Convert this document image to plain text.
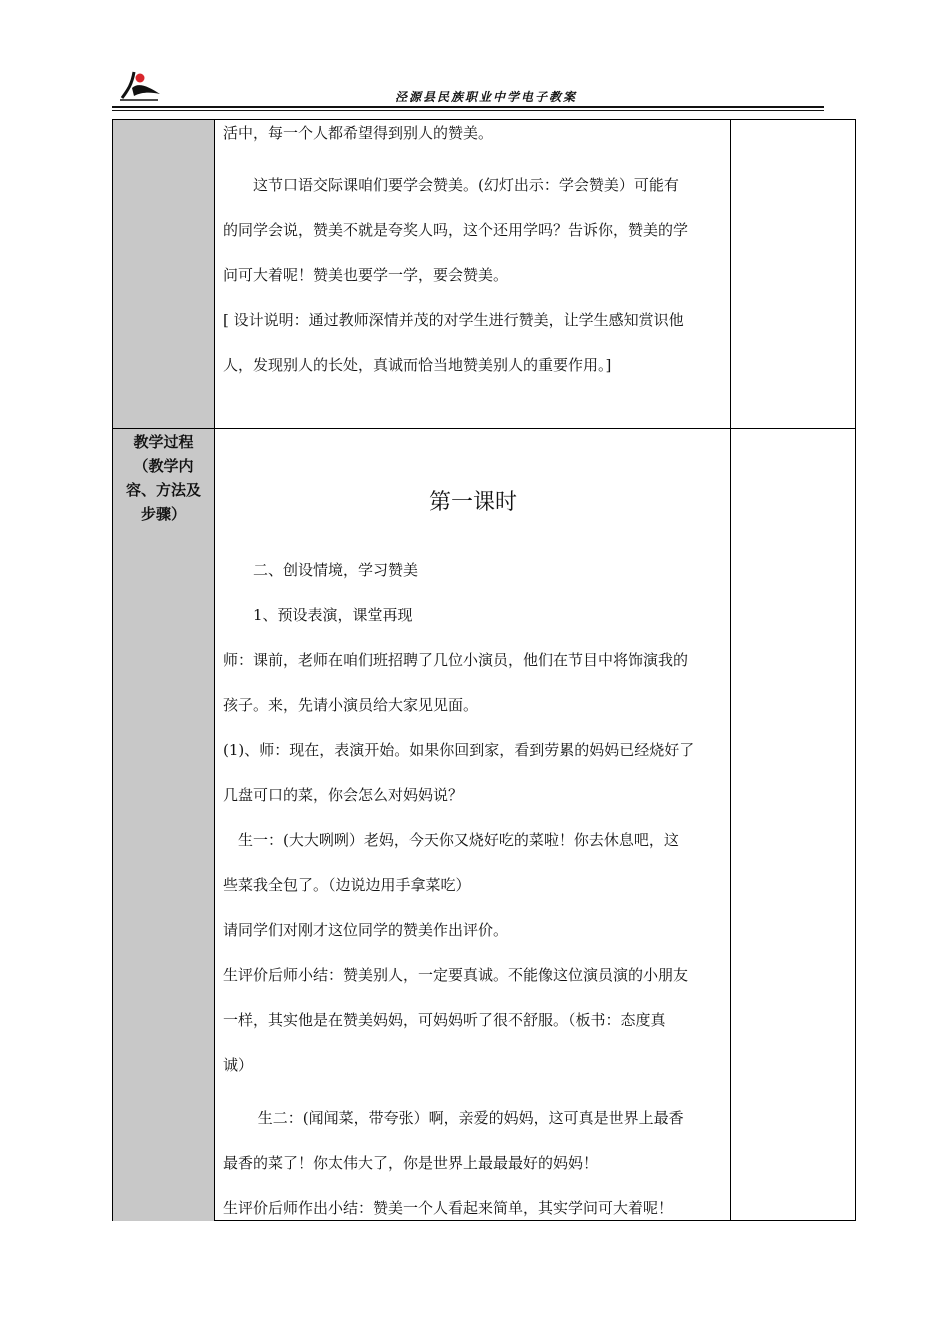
泾源县民族职业中学电子教案
教学过程
（教学内
容、方法及
步骤）
活中，每一个人都希望得到别人的赞美。
　　这节口语交际课咱们要学会赞美。(幻灯出示：学会赞美）可能有
的同学会说，赞美不就是夸奖人吗，这个还用学吗？告诉你，赞美的学
问可大着呢！赞美也要学一学，要会赞美。
[ 设计说明：通过教师深情并茂的对学生进行赞美，让学生感知赏识他
人，发现别人的长处，真诚而恰当地赞美别人的重要作用。]
第一课时
　　二、创设情境，学习赞美
　　1、预设表演，课堂再现
师：课前，老师在咱们班招聘了几位小演员，他们在节目中将饰演我的
孩子。来，先请小演员给大家见见面。
(1)、师：现在，表演开始。如果你回到家，看到劳累的妈妈已经烧好了
几盘可口的菜，你会怎么对妈妈说？
　生一：(大大咧咧）老妈，今天你又烧好吃的菜啦！你去休息吧，这
些菜我全包了。（边说边用手拿菜吃）
请同学们对刚才这位同学的赞美作出评价。
生评价后师小结：赞美别人，一定要真诚。不能像这位演员演的小朋友
一样，其实他是在赞美妈妈，可妈妈听了很不舒服。（板书：态度真
诚）
　　 生二：(闻闻菜，带夸张）啊，亲爱的妈妈，这可真是世界上最香
最香的菜了！你太伟大了，你是世界上最最最好的妈妈！
生评价后师作出小结：赞美一个人看起来简单，其实学问可大着呢！
